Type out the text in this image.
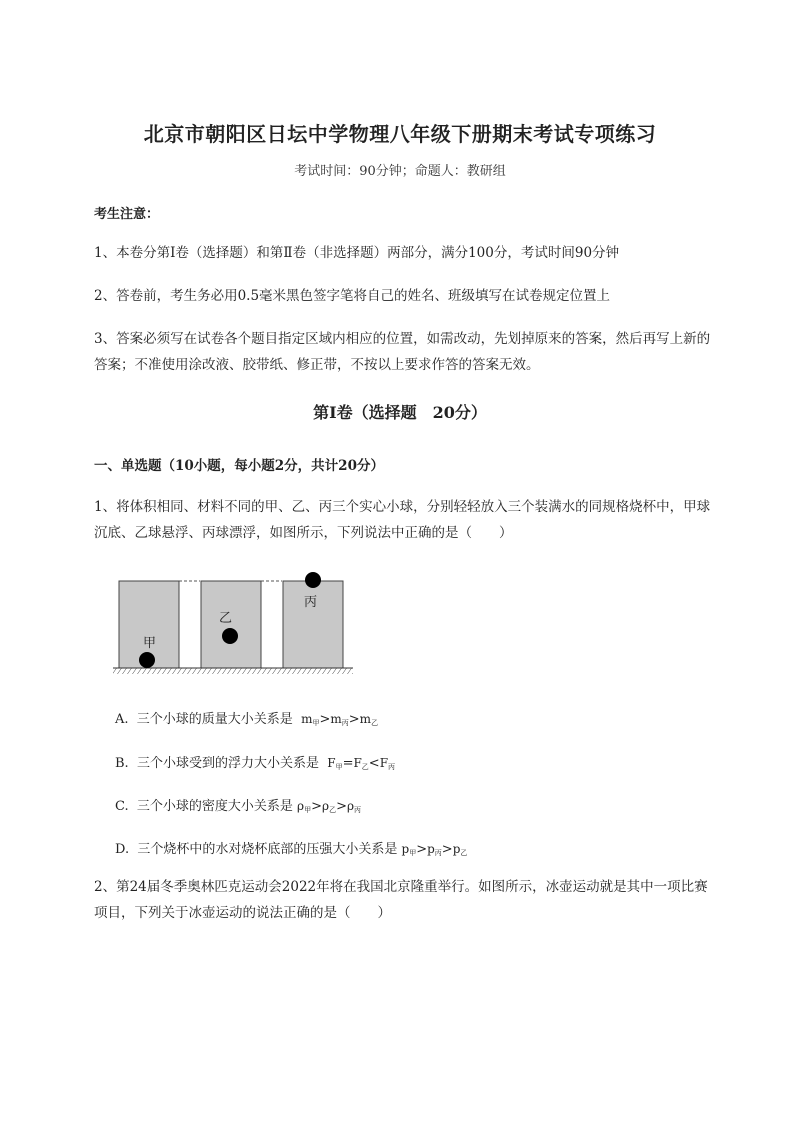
北京市朝阳区日坛中学物理八年级下册期末考试专项练习
考试时间：90分钟；命题人：教研组
考生注意：
1、本卷分第I卷（选择题）和第Ⅱ卷（非选择题）两部分，满分100分，考试时间90分钟
2、答卷前，考生务必用0.5毫米黑色签字笔将自己的姓名、班级填写在试卷规定位置上
3、答案必须写在试卷各个题目指定区域内相应的位置，如需改动，先划掉原来的答案，然后再写上新的答案；不准使用涂改液、胶带纸、修正带，不按以上要求作答的答案无效。
第I卷（选择题　20分）
一、单选题（10小题，每小题2分，共计20分）
1、将体积相同、材料不同的甲、乙、丙三个实心小球，分别轻轻放入三个装满水的同规格烧杯中，甲球沉底、乙球悬浮、丙球漂浮，如图所示，下列说法中正确的是（　　）
甲
乙
丙
A. 三个小球的质量大小关系是 $m_甲>m_丙>m_乙$
B. 三个小球受到的浮力大小关系是 $F_甲=F_乙<F_丙$
C. 三个小球的密度大小关系是 $\rho_甲>\rho_乙>\rho_丙$
D. 三个烧杯中的水对烧杯底部的压强大小关系是 $p_甲>p_丙>p_乙$
2、第24届冬季奥林匹克运动会2022年将在我国北京隆重举行。如图所示，冰壶运动就是其中一项比赛项目，下列关于冰壶运动的说法正确的是（　　）
